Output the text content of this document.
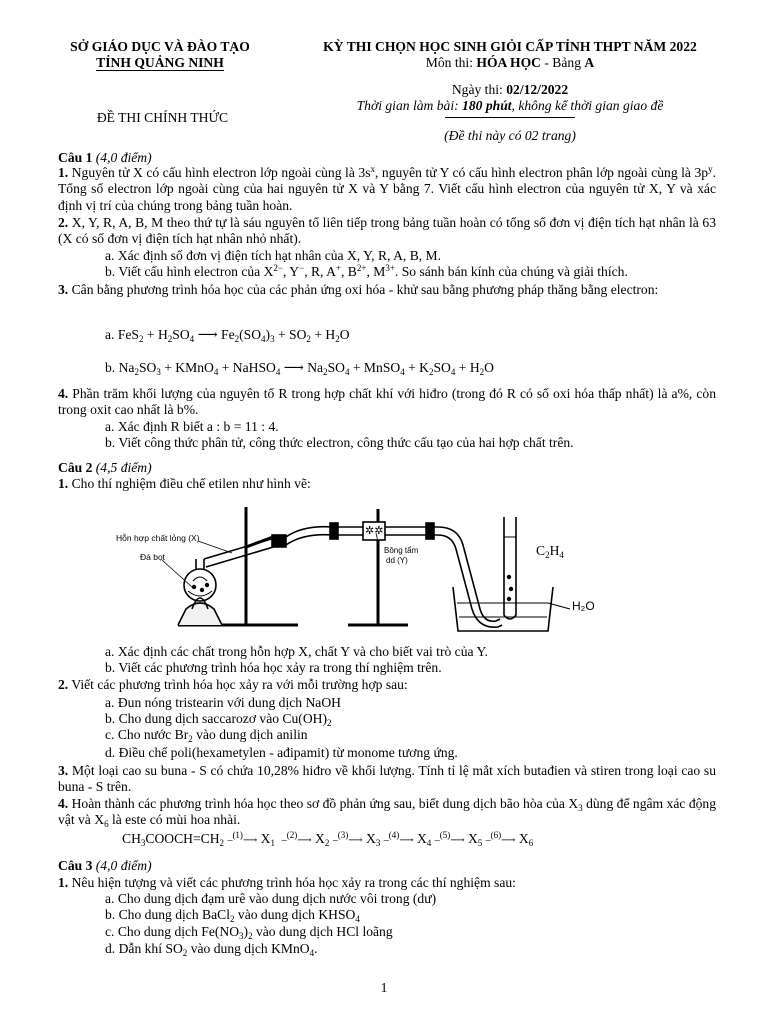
SỞ GIÁO DỤC VÀ ĐÀO TẠO
TỈNH QUẢNG NINH
KỲ THI CHỌN HỌC SINH GIỎI CẤP TỈNH THPT NĂM 2022
Môn thi: HÓA HỌC - Bảng A
Ngày thi: 02/12/2022
Thời gian làm bài: 180 phút, không kể thời gian giao đề
(Đề thi này có 02 trang)
ĐỀ THI CHÍNH THỨC
Câu 1 (4,0 điểm)
1. Nguyên tử X có cấu hình electron lớp ngoài cùng là $3s^x$, nguyên tử Y có cấu hình electron phân lớp ngoài cùng là $3p^y$. Tổng số electron lớp ngoài cùng của hai nguyên tử X và Y bằng 7. Viết cấu hình electron của nguyên tử X, Y và xác định vị trí của chúng trong bảng tuần hoàn.
2. X, Y, R, A, B, M theo thứ tự là sáu nguyên tố liên tiếp trong bảng tuần hoàn có tổng số đơn vị điện tích hạt nhân là 63 (X có số đơn vị điện tích hạt nhân nhỏ nhất).
a. Xác định số đơn vị điện tích hạt nhân của X, Y, R, A, B, M.
b. Viết cấu hình electron của $X^{2-}$, Y−, R, A+, $B^{2+}$, $M^{3+}$. So sánh bán kính của chúng và giải thích.
3. Cân bằng phương trình hóa học của các phản ứng oxi hóa - khử sau bằng phương pháp thăng bằng electron:
a. $FeS_2 + H_2SO_4$ ⟶ $Fe_2(SO_4)_3 + SO_2 + H_2O$
b. $Na_2SO_3$ + KMnO$_4$ + NaHSO$_4$ ⟶ $Na_2SO_4$ + MnSO$_4$ + $K_2SO_4 + H_2O$
4. Phần trăm khối lượng của nguyên tố R trong hợp chất khí với hiđro (trong đó R có số oxi hóa thấp nhất) là a%, còn trong oxit cao nhất là b%.
a. Xác định R biết a : b = 11 : 4.
b. Viết công thức phân tử, công thức electron, công thức cấu tạo của hai hợp chất trên.
Câu 2 (4,5 điểm)
1. Cho thí nghiệm điều chế etilen như hình vẽ:
✲✲
Hỗn hợp chất lỏng (X)
Đá bọt
Bông tẩm
dd (Y)
H₂O
$C_2H_4$
a. Xác định các chất trong hỗn hợp X, chất Y và cho biết vai trò của Y.
b. Viết các phương trình hóa học xảy ra trong thí nghiệm trên.
2. Viết các phương trình hóa học xảy ra với mỗi trường hợp sau:
a. Đun nóng tristearin với dung dịch NaOH
b. Cho dung dịch saccarozơ vào $Cu(OH)_2$
c. Cho nước $Br_2$ vào dung dịch anilin
d. Điều chế poli(hexametylen - ađipamit) từ monome tương ứng.
3. Một loại cao su buna - S có chứa 10,28% hiđro về khối lượng. Tính tỉ lệ mắt xích butađien và stiren trong loại cao su buna - S trên.
4. Hoàn thành các phương trình hóa học theo sơ đồ phản ứng sau, biết dung dịch bão hòa của $X_3$ dùng để ngâm xác động vật và $X_6$ là este có mùi hoa nhài.
$CH_3COOCH=CH_2$ –$^{(1)}$⟶ $X_1$ –$^{(2)}$⟶ $X_2$ –$^{(3)}$⟶ $X_3$ –$^{(4)}$⟶ $X_4$ –$^{(5)}$⟶ $X_5$ –$^{(6)}$⟶ $X_6$
Câu 3 (4,0 điểm)
1. Nêu hiện tượng và viết các phương trình hóa học xảy ra trong các thí nghiệm sau:
a. Cho dung dịch đạm urê vào dung dịch nước vôi trong (dư)
b. Cho dung dịch BaCl$_2$ vào dung dịch $KHSO_4$
c. Cho dung dịch $Fe(NO_3)_2$ vào dung dịch HCl loãng
d. Dẫn khí $SO_2$ vào dung dịch KMnO$_4$.
1
